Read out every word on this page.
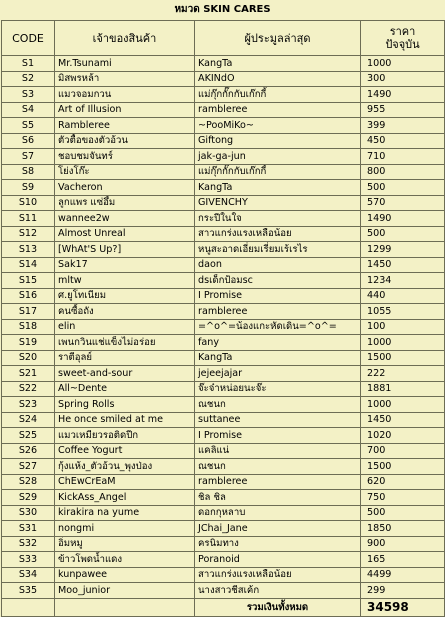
หมวด SKIN CARES
CODE	เจ้าของสินค้า	ผู้ประมูลล่าสุด	ราคา
ปัจจุบัน

S1	Mr.Tsunami	KangTa	1000
S2	มิสพรหล้า	AKINdO	300
S3	แมวจอมกวน	แม่กุ๊กกั๊กกับเก๊กกี้	1490
S4	Art of Illusion	rambleree	955
S5	Rambleree	~PooMiKo~	399
S6	ตัวตื้อของตัวอ้วน	Giftong	450
S7	ชอบชมจันทร์	jak-ga-jun	710
S8	โย่งโก๊ะ	แม่กุ๊กกั๊กกับเก๊กกี้	800
S9	Vacheron	KangTa	500
S10	ลูกแพร แซ่อึ้ม	GIVENCHY	570
S11	wannee2w	กระปีในใจ	1490
S12	Almost Unreal	สาวแกร่งแรงเหลือน้อย	500
S13	[WhAt'S Up?]	หนูสะอาดเอี่ยมเรี่ยมเร้เรไร	1299
S14	Sak17	daon	1450
S15	mltw	dsเด็กป้อมsc	1234
S16	ศ.ยูโทเนียม	I Promise	440
S17	คนซื้อถัง	rambleree	1055
S18	elin	=^o^=น้องแกะหัดเดิน=^o^=	100
S19	เพนกวินแช่แข็งไม่อร่อย	fany	1000
S20	ราตีอุลย์	KangTa	1500
S21	sweet-and-sour	jejeejajar	222
S22	All~Dente	จ๊ะจ๋าหน่อยนะจ๊ะ	1881
S23	Spring Rolls	ณชนก	1000
S24	He once smiled at me	suttanee	1450
S25	แมวเหมียวรอติดปีก	I Promise	1020
S26	Coffee Yogurt	แคลิแน่	700
S27	กุ้งแห้ง_ตัวอ้วน_พุงป่อง	ณชนก	1500
S28	ChEwCrEaM	rambleree	620
S29	KickAss_Angel	ชิล ชิล	750
S30	kirakira na yume	ดอกกุหลาบ	500
S31	nongmi	JChai_Jane	1850
S32	อิ่มหมู	ครนิมทาง	900
S33	ข้าวโพดน้ำแดง	Poranoid	165
S34	kunpawee	สาวแกร่งแรงเหลือน้อย	4499
S35	Moo_junior	นางสาวชีสเค้ก	299
		รวมเงินทั้งหมด	34598
